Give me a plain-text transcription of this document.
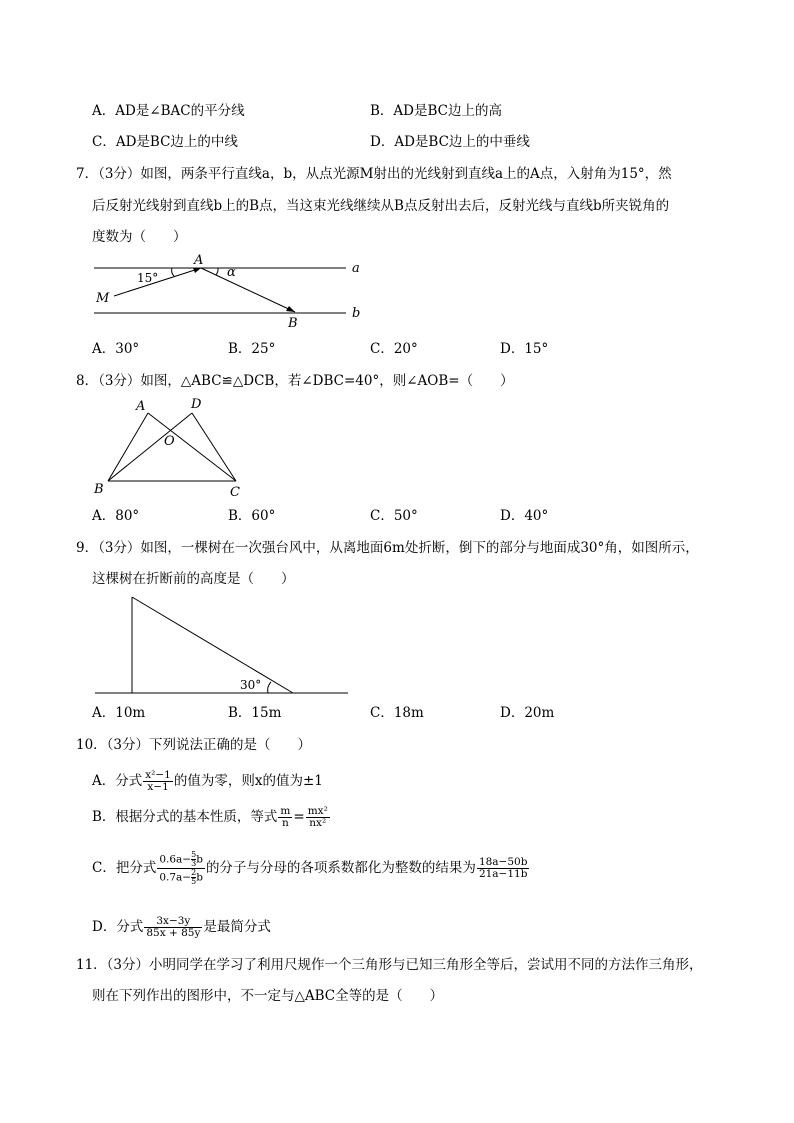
A．AD是∠BAC的平分线	B．AD是BC边上的高
C．AD是BC边上的中线	D．AD是BC边上的中垂线
7．（3分）如图，两条平行直线a，b，从点光源M射出的光线射到直线a上的A点，入射角为15°，然
后反射光线射到直线b上的B点，当这束光线继续从B点反射出去后，反射光线与直线b所夹锐角的
度数为（　　）
15°
A
α	a
M
B
b
A．30°	B．25°	C．20°	D．15°
8．（3分）如图，△ABC≌△DCB，若∠DBC=40°，则∠AOB=（　　）
A	D
O
B	C
A．80°	B．60°	C．50°	D．40°
9．（3分）如图，一棵树在一次强台风中，从离地面6m处折断，倒下的部分与地面成30°角，如图所示，
这棵树在折断前的高度是（　　）
30°
A．10m	B．15m	C．18m	D．20m
10．（3分）下列说法正确的是（　　）
A．分式 $\frac{\text{x²−1}}{x-1}$ 的值为零，则x的值为±1
B．根据分式的基本性质，等式 $\frac{m}{n} = \frac{\text{mx²}}{\text{nx²}}$
C．把分式 $\frac{0.6a- \frac{5}{3} b}{0.7a- \frac{2}{5} b}$ 的分子与分母的各项系数都化为整数的结果为 $\frac{18a-50b}{21a-11b}$
D．分式 $\frac{3x-3y}{85x + 85y}$ 是最简分式
11．（3分）小明同学在学习了利用尺规作一个三角形与已知三角形全等后，尝试用不同的方法作三角形，
则在下列作出的图形中，不一定与△ABC全等的是（　　）
